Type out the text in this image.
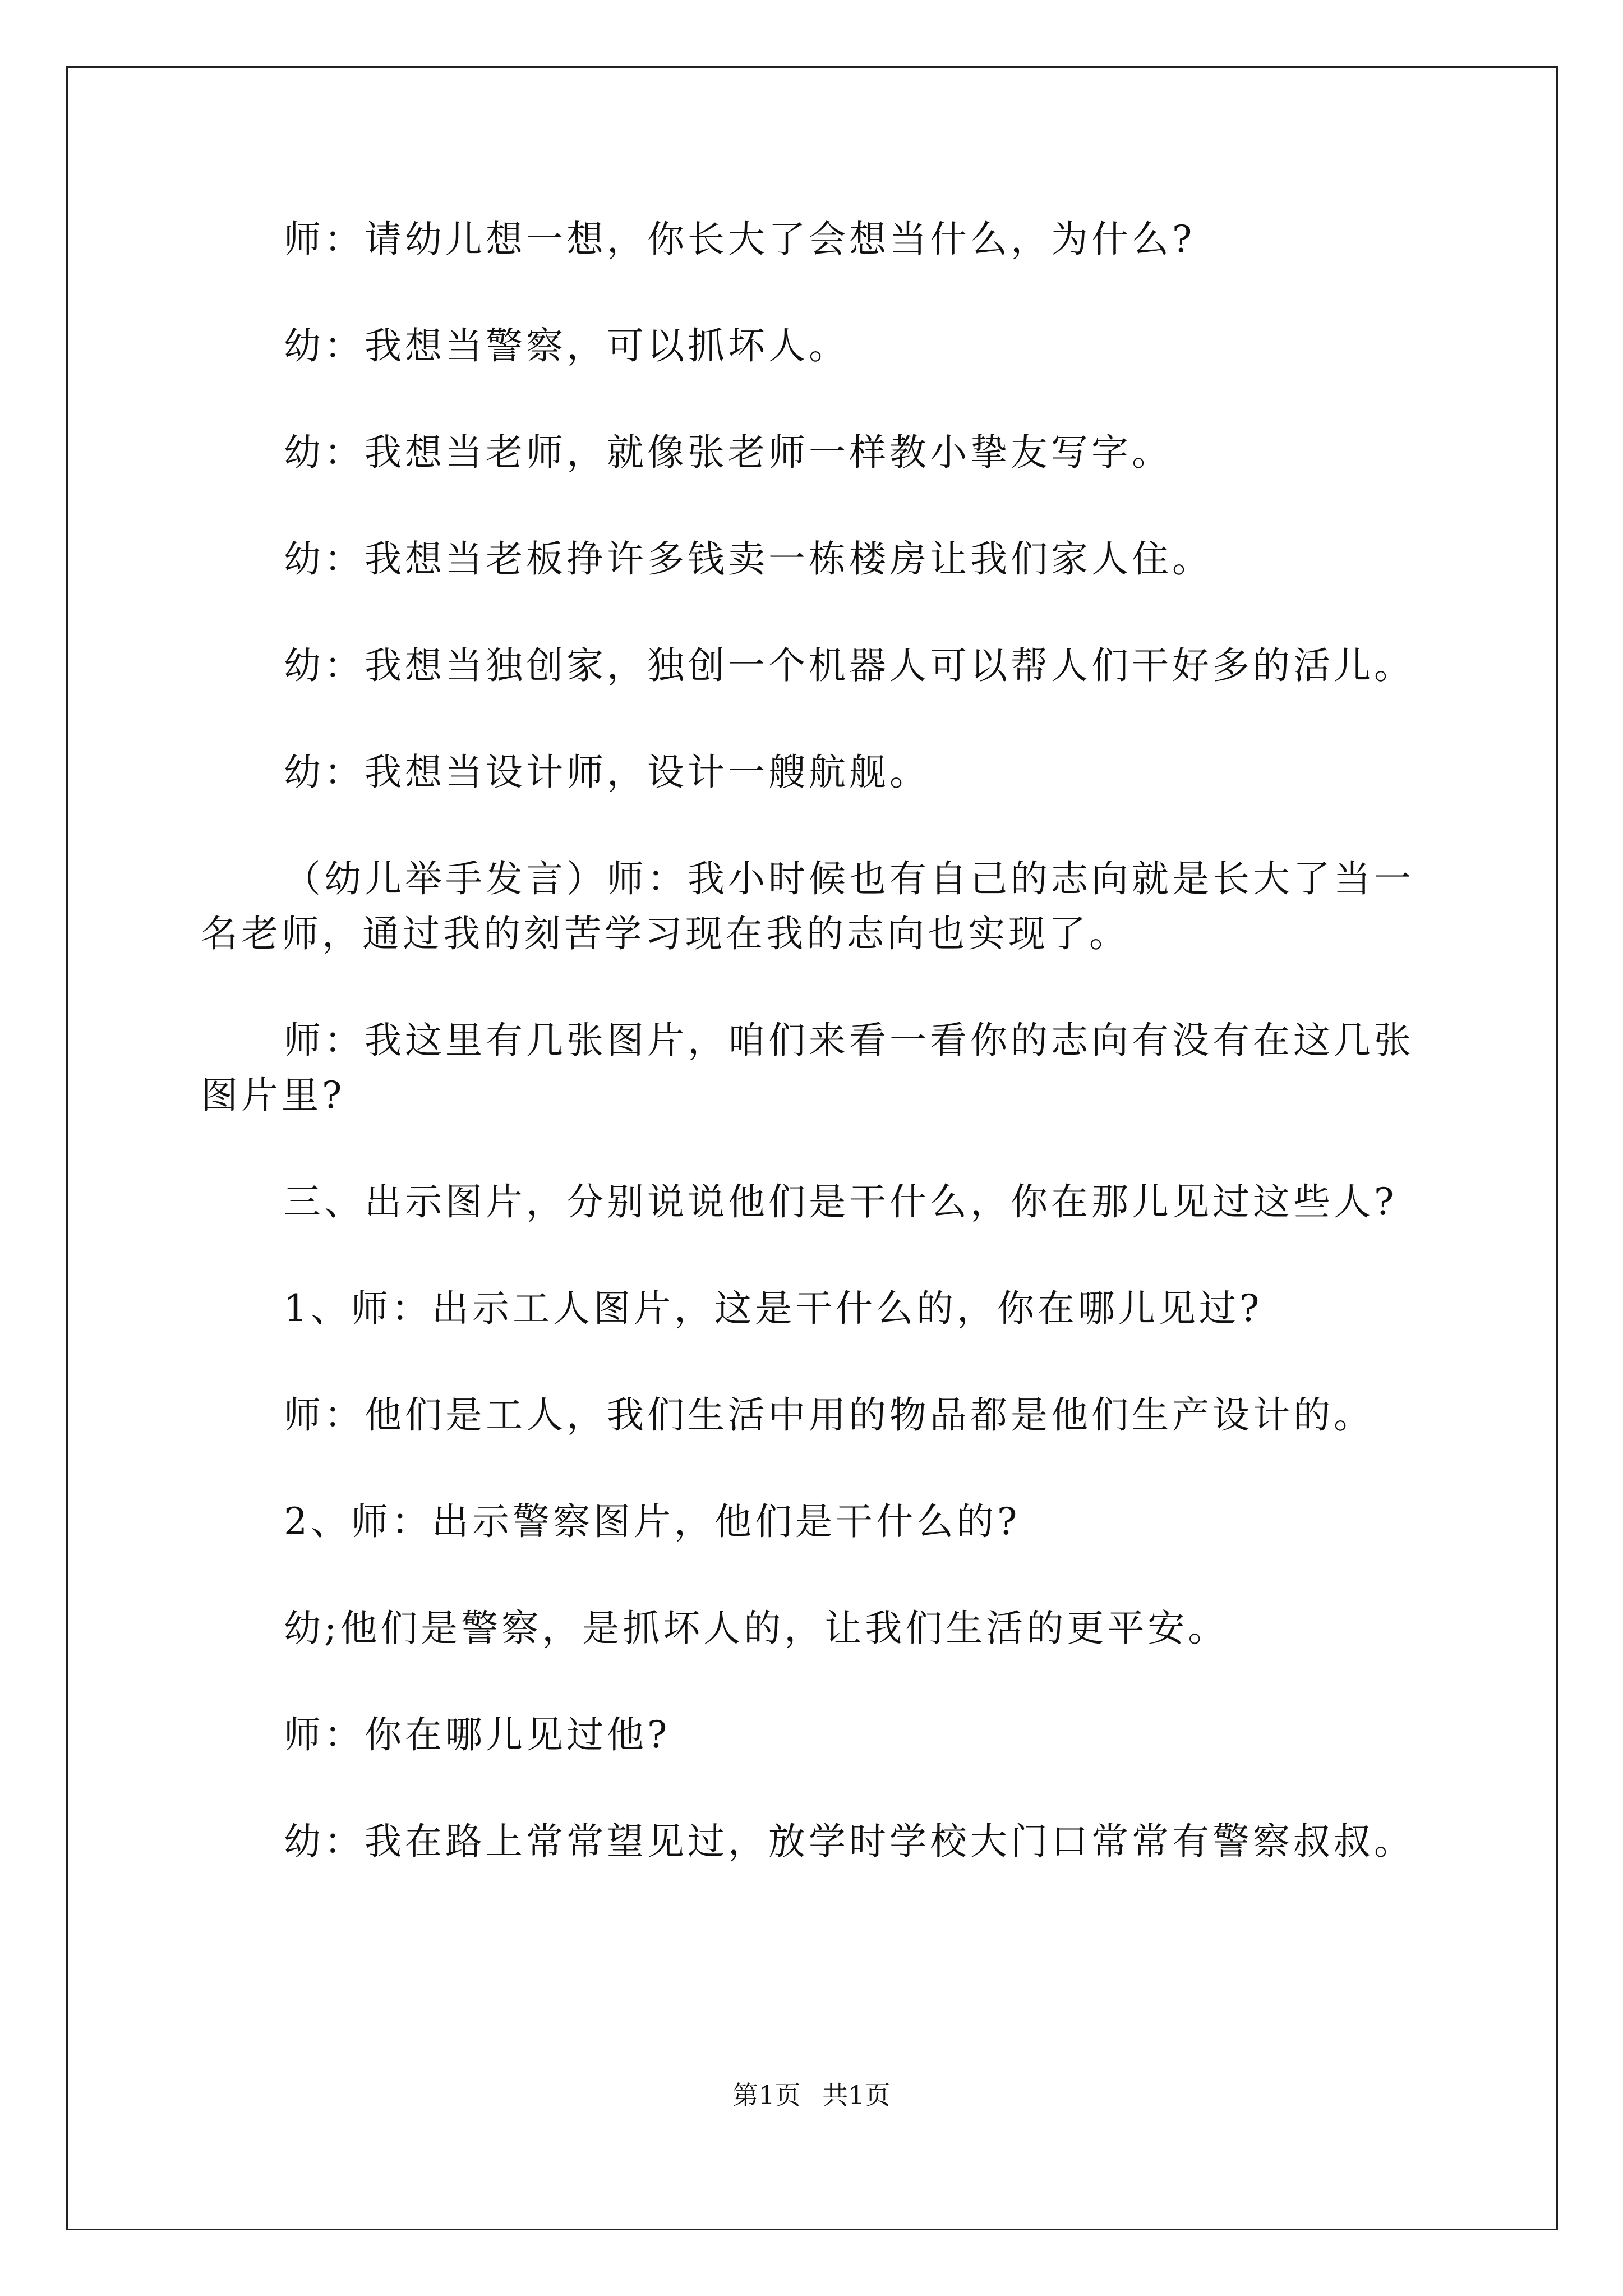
师：请幼儿想一想，你长大了会想当什么，为什么?

幼：我想当警察，可以抓坏人。

幼：我想当老师，就像张老师一样教小挚友写字。

幼：我想当老板挣许多钱卖一栋楼房让我们家人住。

幼：我想当独创家，独创一个机器人可以帮人们干好多的活儿。

幼：我想当设计师，设计一艘航舰。

（幼儿举手发言）师：我小时候也有自己的志向就是长大了当一名老师，通过我的刻苦学习现在我的志向也实现了。

师：我这里有几张图片，咱们来看一看你的志向有没有在这几张图片里?

三、出示图片，分别说说他们是干什么，你在那儿见过这些人?

1、师：出示工人图片，这是干什么的，你在哪儿见过?

师：他们是工人，我们生活中用的物品都是他们生产设计的。

2、师：出示警察图片，他们是干什么的?

幼;他们是警察，是抓坏人的，让我们生活的更平安。

师：你在哪儿见过他?

幼：我在路上常常望见过，放学时学校大门口常常有警察叔叔。

第1页 共1页
